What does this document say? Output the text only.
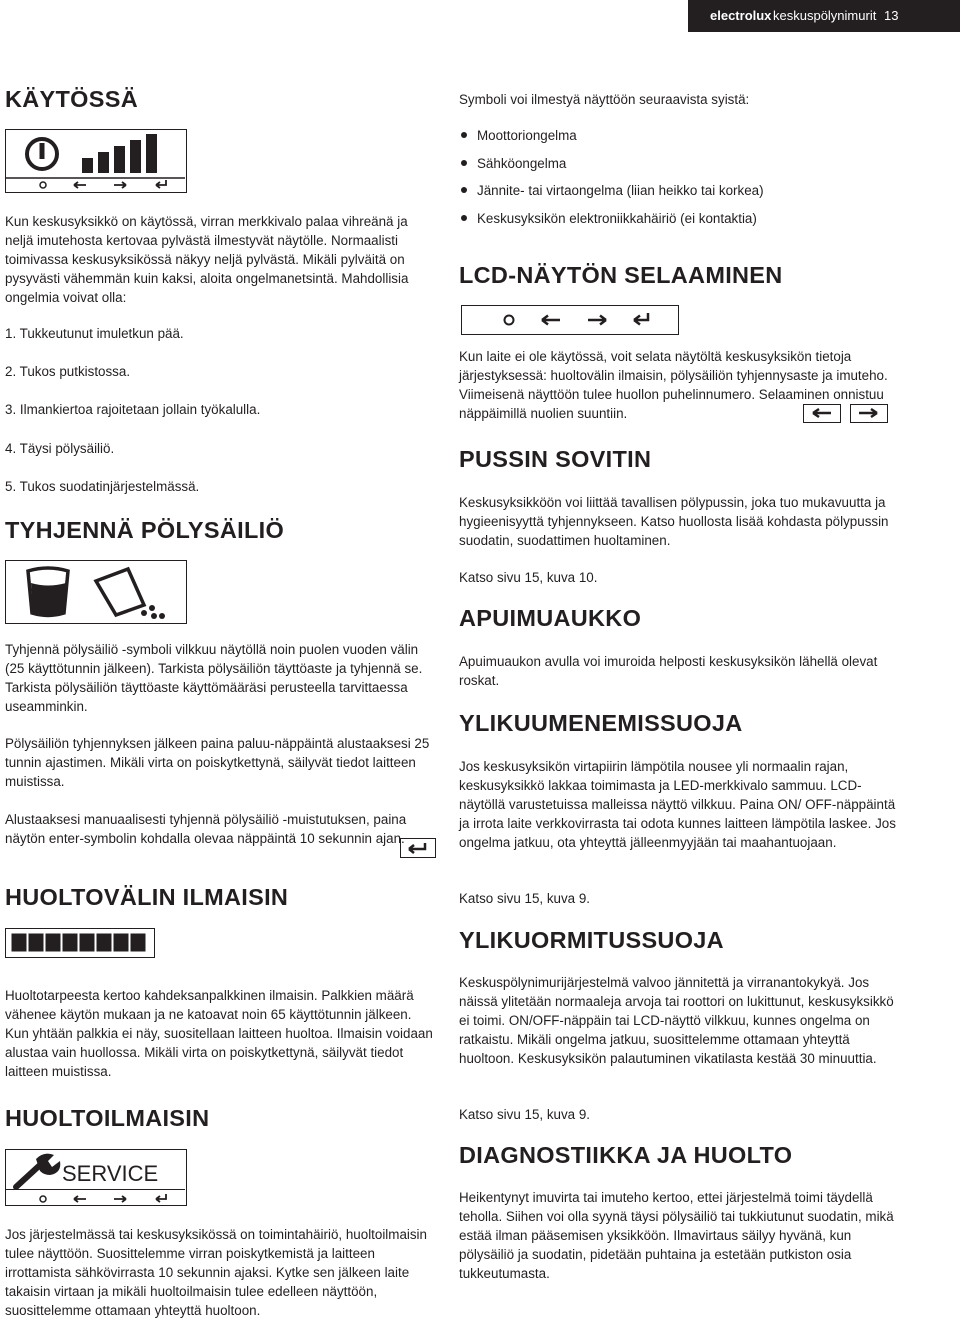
electrolux keskuspölynimurit 13
KÄYTÖSSÄ

Kun keskusyksikkö on käytössä, virran merkkivalo palaa vihreänä ja neljä imutehosta kertovaa pylvästä ilmestyvät näytölle. Normaalisti toimivassa keskusyksikössä näkyy neljä pylvästä. Mikäli pylväitä on pysyvästi vähemmän kuin kaksi, aloita ongelmanetsintä. Mahdollisia ongelmia voivat olla:

1. Tukkeutunut imuletkun pää.

2. Tukos putkistossa.

3. Ilmankiertoa rajoitetaan jollain työkalulla.

4. Täysi pölysäiliö.

5. Tukos suodatinjärjestelmässä.

TYHJENNÄ PÖLYSÄILIÖ

Tyhjennä pölysäiliö -symboli vilkkuu näytöllä noin puolen vuoden välin (25 käyttötunnin jälkeen). Tarkista pölysäiliön täyttöaste ja tyhjennä se. Tarkista pölysäiliön täyttöaste käyttömääräsi perusteella tarvittaessa useamminkin.

Pölysäiliön tyhjennyksen jälkeen paina paluu-näppäintä alustaaksesi 25 tunnin ajastimen. Mikäli virta on poiskytkettynä, säilyvät tiedot laitteen muistissa.

Alustaaksesi manuaalisesti tyhjennä pölysäiliö -muistutuksen, paina näytön enter-symbolin kohdalla olevaa näppäintä 10 sekunnin ajan.

HUOLTOVÄLIN ILMAISIN

Huoltotarpeesta kertoo kahdeksanpalkkinen ilmaisin. Palkkien määrä vähenee käytön mukaan ja ne katoavat noin 65 käyttötunnin jälkeen. Kun yhtään palkkia ei näy, suositellaan laitteen huoltoa. Ilmaisin voidaan alustaa vain huollossa. Mikäli virta on poiskytkettynä, säilyvät tiedot laitteen muistissa.

HUOLTOILMAISIN
SERVICE

Jos järjestelmässä tai keskusyksikössä on toimintahäiriö, huoltoilmaisin tulee näyttöön. Suosittelemme virran poiskytkemistä ja laitteen irrottamista sähkövirrasta 10 sekunnin ajaksi. Kytke sen jälkeen laite takaisin virtaan ja mikäli huoltoilmaisin tulee edelleen näyttöön, suosittelemme ottamaan yhteyttä huoltoon.

Symboli voi ilmestyä näyttöön seuraavista syistä:

Moottoriongelma
Sähköongelma
Jännite- tai virtaongelma (liian heikko tai korkea)
Keskusyksikön elektroniikkahäiriö (ei kontaktia)
LCD-NÄYTÖN SELAAMINEN

Kun laite ei ole käytössä, voit selata näytöltä keskusyksikön tietoja järjestyksessä: huoltovälin ilmaisin, pölysäiliön tyhjennysaste ja imuteho. Viimeisenä näyttöön tulee huollon puhelinnumero. Selaaminen onnistuu näppäimillä nuolien suuntiin.

PUSSIN SOVITIN

Keskusyksikköön voi liittää tavallisen pölypussin, joka tuo mukavuutta ja hygieenisyyttä tyhjennykseen. Katso huollosta lisää kohdasta pölypussin suodatin, suodattimen huoltaminen.

Katso sivu 15, kuva 10.

APUIMUAUKKO

Apuimuaukon avulla voi imuroida helposti keskusyksikön lähellä olevat roskat.

YLIKUUMENEMISSUOJA

Jos keskusyksikön virtapiirin lämpötila nousee yli normaalin rajan, keskusyksikkö lakkaa toimimasta ja LED-merkkivalo sammuu. LCD-näytöllä varustetuissa malleissa näyttö vilkkuu. Paina ON/ OFF-näppäintä ja irrota laite verkkovirrasta tai odota kunnes laitteen lämpötila laskee. Jos ongelma jatkuu, ota yhteyttä jälleenmyyjään tai maahantuojaan.

Katso sivu 15, kuva 9.

YLIKUORMITUSSUOJA

Keskuspölynimurijärjestelmä valvoo jännitettä ja virranantokykyä. Jos näissä ylitetään normaaleja arvoja tai roottori on lukittunut, keskusyksikkö ei toimi. ON/OFF-näppäin tai LCD-näyttö vilkkuu, kunnes ongelma on ratkaistu. Mikäli ongelma jatkuu, suosittelemme ottamaan yhteyttä huoltoon. Keskusyksikön palautuminen vikatilasta kestää 30 minuuttia.

Katso sivu 15, kuva 9.

DIAGNOSTIIKKA JA HUOLTO

Heikentynyt imuvirta tai imuteho kertoo, ettei järjestelmä toimi täydellä teholla. Siihen voi olla syynä täysi pölysäiliö tai tukkiutunut suodatin, mikä estää ilman pääsemisen yksikköön. Ilmavirtaus säilyy hyvänä, kun pölysäiliö ja suodatin, pidetään puhtaina ja estetään putkiston osia tukkeutumasta.
